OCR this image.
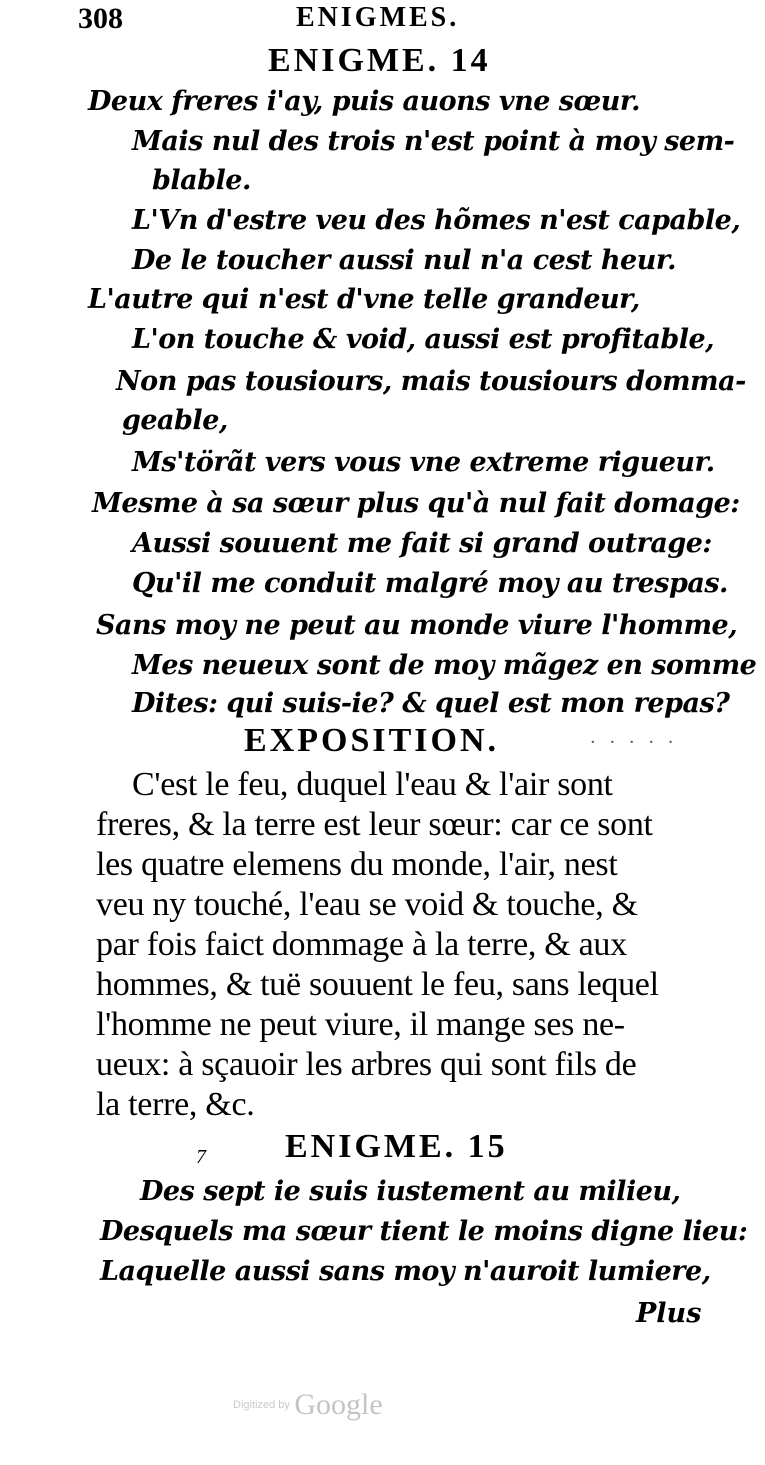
308	ENIGMES.
ENIGME. 14
Deux freres i'ay, puis auons vne sœur.
Mais nul des trois n'est point à moy sem-
blable.
L'Vn d'estre veu des hõmes n'est capable,
De le toucher aussi nul n'a cest heur.
L'autre qui n'est d'vne telle grandeur,
L'on touche & void, aussi est profitable,
Non pas tousiours, mais tousiours domma-
geable,
Ms'törãt vers vous vne extreme rigueur.
Mesme à sa sœur plus qu'à nul fait domage:
Aussi souuent me fait si grand outrage:
Qu'il me conduit malgré moy au trespas.
Sans moy ne peut au monde viure l'homme,
Mes neueux sont de moy mãgez en somme
Dites: qui suis-ie? & quel est mon repas?
EXPOSITION.	· · · · ·
C'est le feu, duquel l'eau & l'air sont
freres, & la terre est leur sœur: car ce sont
les quatre elemens du monde, l'air, nest
veu ny touché, l'eau se void & touche, &
par fois faict dommage à la terre, & aux
hommes, & tuë souuent le feu, sans lequel
l'homme ne peut viure, il mange ses ne-
ueux: à sçauoir les arbres qui sont fils de
la terre, &c.
ENIGME. 15
7
Des sept ie suis iustement au milieu,
Desquels ma sœur tient le moins digne lieu:
Laquelle aussi sans moy n'auroit lumiere,
Plus
Digitized by Google
